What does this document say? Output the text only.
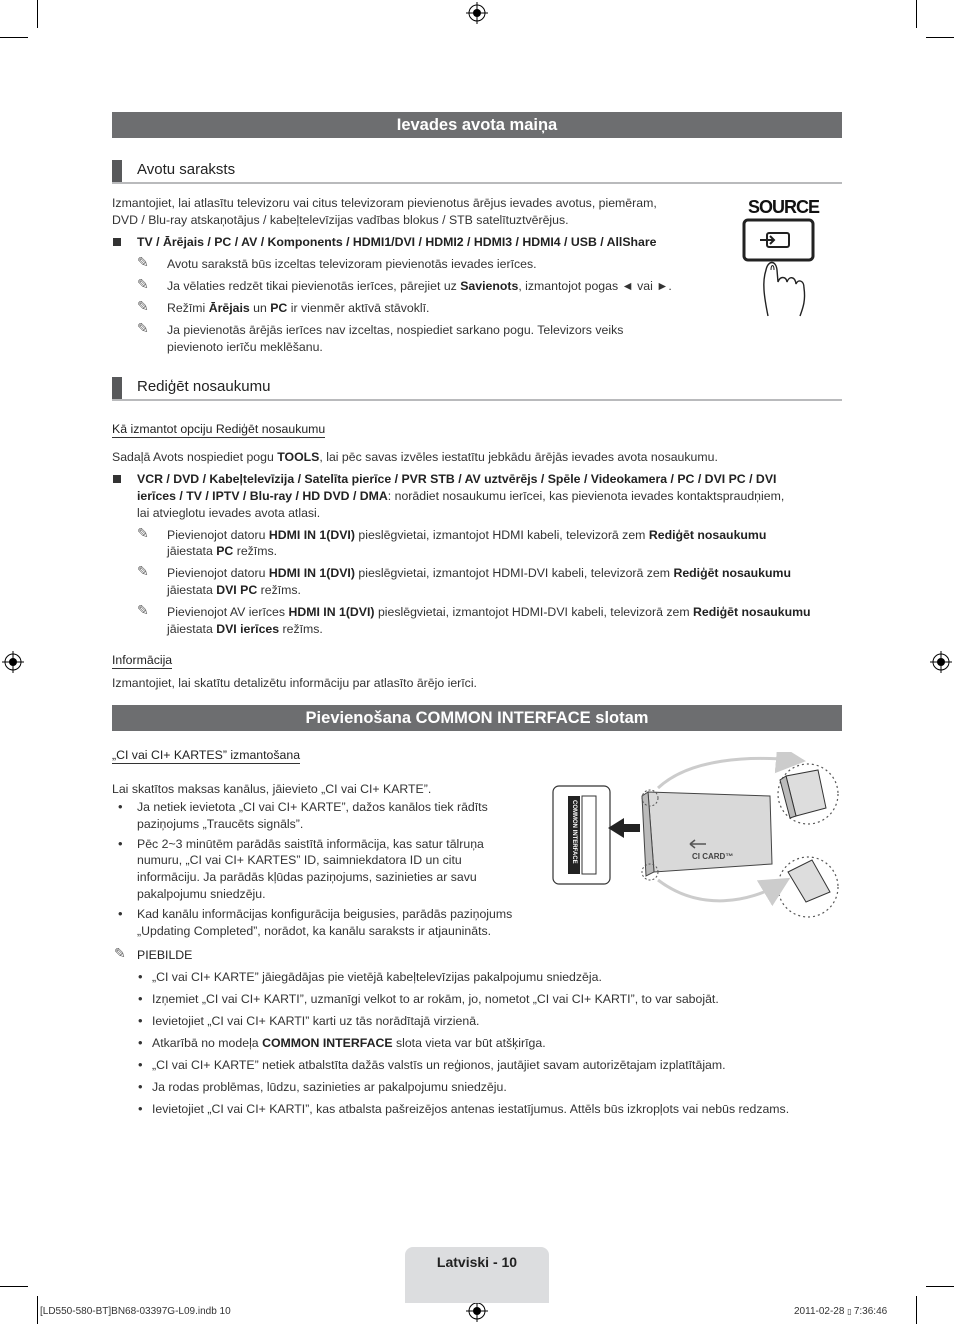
Ievades avota maiņa
Avotu saraksts
Izmantojiet, lai atlasītu televizoru vai citus televizoram pievienotus ārējus ievades avotus, piemēram,
DVD / Blu-ray atskaņotājus / kabeļtelevīzijas vadības blokus / STB satelītuztvērējus.
TV / Ārējais / PC / AV / Komponents / HDMI1/DVI / HDMI2 / HDMI3 / HDMI4 / USB / AllShare
✎ Avotu sarakstā būs izceltas televizoram pievienotās ievades ierīces.
✎ Ja vēlaties redzēt tikai pievienotās ierīces, pārejiet uz Savienots, izmantojot pogas ◄ vai ►.
✎ Režīmi Ārējais un PC ir vienmēr aktīvā stāvoklī.
✎ Ja pievienotās ārējās ierīces nav izceltas, nospiediet sarkano pogu. Televizors veiks
pievienoto ierīču meklēšanu.
SOURCE
Rediģēt nosaukumu
Kā izmantot opciju Rediģēt nosaukumu
Sadaļā Avots nospiediet pogu TOOLS, lai pēc savas izvēles iestatītu jebkādu ārējās ievades avota nosaukumu.
VCR / DVD / Kabeļtelevīzija / Satelīta pierīce / PVR STB / AV uztvērējs / Spēle / Videokamera / PC / DVI PC / DVI
ierīces / TV / IPTV / Blu-ray / HD DVD / DMA: norādiet nosaukumu ierīcei, kas pievienota ievades kontaktspraudņiem,
lai atvieglotu ievades avota atlasi.
✎ Pievienojot datoru HDMI IN 1(DVI) pieslēgvietai, izmantojot HDMI kabeli, televizorā zem Rediģēt nosaukumu
jāiestata PC režīms.
✎ Pievienojot datoru HDMI IN 1(DVI) pieslēgvietai, izmantojot HDMI-DVI kabeli, televizorā zem Rediģēt nosaukumu
jāiestata DVI PC režīms.
✎ Pievienojot AV ierīces HDMI IN 1(DVI) pieslēgvietai, izmantojot HDMI-DVI kabeli, televizorā zem Rediģēt nosaukumu
jāiestata DVI ierīces režīms.
Informācija
Izmantojiet, lai skatītu detalizētu informāciju par atlasīto ārējo ierīci.
Pievienošana COMMON INTERFACE slotam
„CI vai CI+ KARTES” izmantošana
Lai skatītos maksas kanālus, jāievieto „CI vai CI+ KARTE”.
• Ja netiek ievietota „CI vai CI+ KARTE”, dažos kanālos tiek rādīts
paziņojums „Traucēts signāls”.
• Pēc 2~3 minūtēm parādās saistītā informācija, kas satur tālruņa
numuru, „CI vai CI+ KARTES” ID, saimniekdatora ID un citu
informāciju. Ja parādās kļūdas paziņojums, sazinieties ar savu
pakalpojumu sniedzēju.
• Kad kanālu informācijas konfigurācija beigusies, parādās paziņojums
„Updating Completed”, norādot, ka kanālu saraksts ir atjaunināts.
✎ PIEBILDE
• „CI vai CI+ KARTE” jāiegādājas pie vietējā kabeļtelevīzijas pakalpojumu sniedzēja.
• Izņemiet „CI vai CI+ KARTI”, uzmanīgi velkot to ar rokām, jo, nometot „CI vai CI+ KARTI”, to var sabojāt.
• Ievietojiet „CI vai CI+ KARTI” karti uz tās norādītajā virzienā.
• Atkarībā no modeļa COMMON INTERFACE slota vieta var būt atšķirīga.
• „CI vai CI+ KARTE” netiek atbalstīta dažās valstīs un reģionos, jautājiet savam autorizētajam izplatītājam.
• Ja rodas problēmas, lūdzu, sazinieties ar pakalpojumu sniedzēju.
• Ievietojiet „CI vai CI+ KARTI”, kas atbalsta pašreizējos antenas iestatījumus. Attēls būs izkropļots vai nebūs redzams.
COMMON INTERFACE	CI CARD™
Latviski - 10
[LD550-580-BT]BN68-03397G-L09.indb 10	2011-02-28 ▯ 7:36:46
